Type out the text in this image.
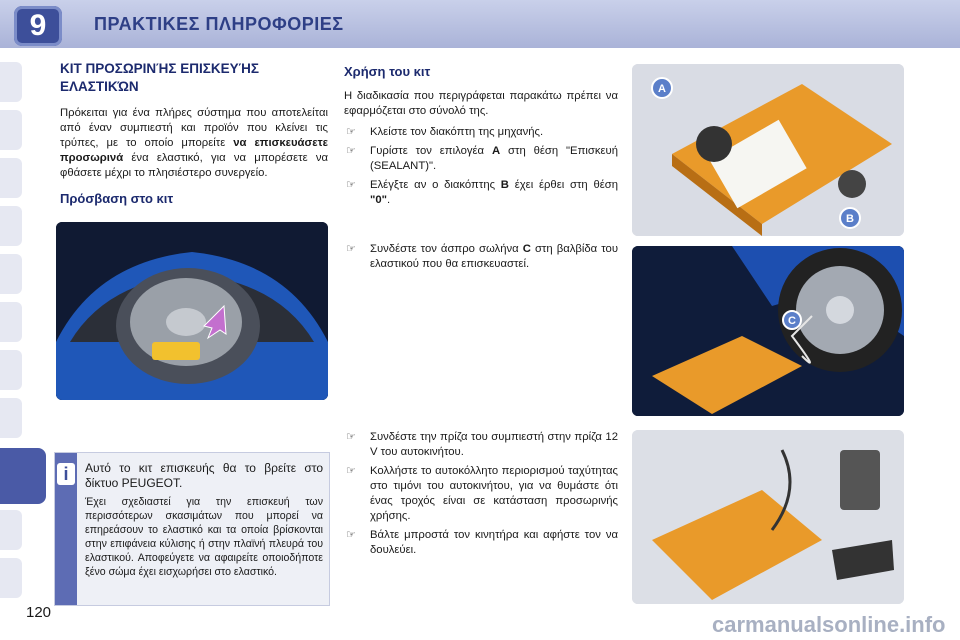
9	ΠΡΑΚΤΙΚΕΣ ΠΛΗΡΟΦΟΡΙΕΣ
ΚΙΤ ΠΡΟΣΩΡΙΝΉΣ ΕΠΙΣΚΕΥΉΣ ΕΛΑΣΤΙΚΏΝ
Πρόκειται για ένα πλήρες σύστημα που αποτελείται από έναν συμπιεστή και προϊόν που κλείνει τις τρύπες, με το οποίο μπορείτε να επισκευάσετε προσωρινά ένα ελαστικό, για να μπορέσετε να φθάσετε μέχρι το πλησιέστερο συνεργείο.
Πρόσβαση στο κιτ
i	Αυτό το κιτ επισκευής θα το βρείτε στο δίκτυο PEUGEOT.
Έχει σχεδιαστεί για την επισκευή των περισσότερων σκασιμάτων που μπορεί να επηρεάσουν το ελαστικό και τα οποία βρίσκονται στην επιφάνεια κύλισης ή στην πλαϊνή πλευρά του ελαστικού. Αποφεύγετε να αφαιρείτε οποιοδήποτε ξένο σώμα έχει εισχωρήσει στο ελαστικό.
Χρήση του κιτ
Η διαδικασία που περιγράφεται παρακάτω πρέπει να εφαρμόζεται στο σύνολό της.
☞ Κλείστε τον διακόπτη της μηχανής.
☞ Γυρίστε τον επιλογέα A στη θέση "Επισκευή (SEALANT)".
☞ Ελέγξτε αν ο διακόπτης B έχει έρθει στη θέση "0".
☞ Συνδέστε τον άσπρο σωλήνα C στη βαλβίδα του ελαστικού που θα επισκευαστεί.
☞ Συνδέστε την πρίζα του συμπιεστή στην πρίζα 12 V του αυτοκινήτου.
☞ Κολλήστε το αυτοκόλλητο περιορισμού ταχύτητας στο τιμόνι του αυτοκινήτου, για να θυμάστε ότι ένας τροχός είναι σε κατάσταση προσωρινής χρήσης.
☞ Βάλτε μπροστά τον κινητήρα και αφήστε τον να δουλεύει.
A
B
C
120	carmanualsonline.info
